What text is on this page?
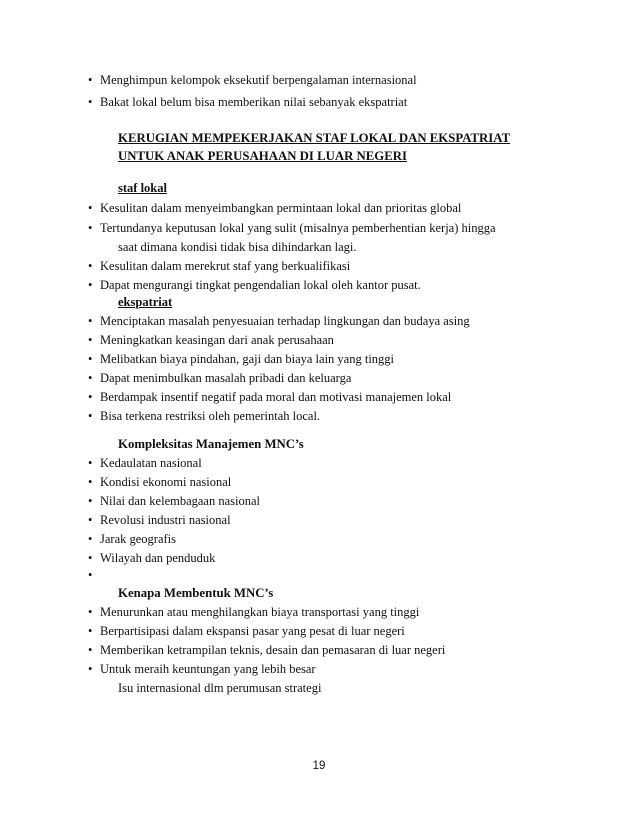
• Menghimpun kelompok eksekutif berpengalaman internasional
• Bakat lokal belum bisa memberikan nilai sebanyak ekspatriat
KERUGIAN MEMPEKERJAKAN STAF LOKAL DAN EKSPATRIAT
UNTUK ANAK PERUSAHAAN DI LUAR NEGERI
staf lokal
• Kesulitan dalam menyeimbangkan permintaan lokal dan prioritas global
• Tertundanya keputusan lokal yang sulit (misalnya pemberhentian kerja) hingga
saat dimana kondisi tidak bisa dihindarkan lagi.
• Kesulitan dalam merekrut staf yang berkualifikasi
• Dapat mengurangi tingkat pengendalian lokal oleh kantor pusat.
ekspatriat
• Menciptakan masalah penyesuaian terhadap lingkungan dan budaya asing
• Meningkatkan keasingan dari anak perusahaan
• Melibatkan biaya pindahan, gaji dan biaya lain yang tinggi
• Dapat menimbulkan masalah pribadi dan keluarga
• Berdampak insentif negatif pada moral dan motivasi manajemen lokal
• Bisa terkena restriksi oleh pemerintah local.
Kompleksitas Manajemen MNC’s
• Kedaulatan nasional
• Kondisi ekonomi nasional
• Nilai dan kelembagaan nasional
• Revolusi industri nasional
• Jarak geografis
• Wilayah dan penduduk
•
Kenapa Membentuk MNC’s
• Menurunkan atau menghilangkan biaya transportasi yang tinggi
• Berpartisipasi dalam ekspansi pasar yang pesat di luar negeri
• Memberikan ketrampilan teknis, desain dan pemasaran di luar negeri
• Untuk meraih keuntungan yang lebih besar
Isu internasional dlm perumusan strategi
19
